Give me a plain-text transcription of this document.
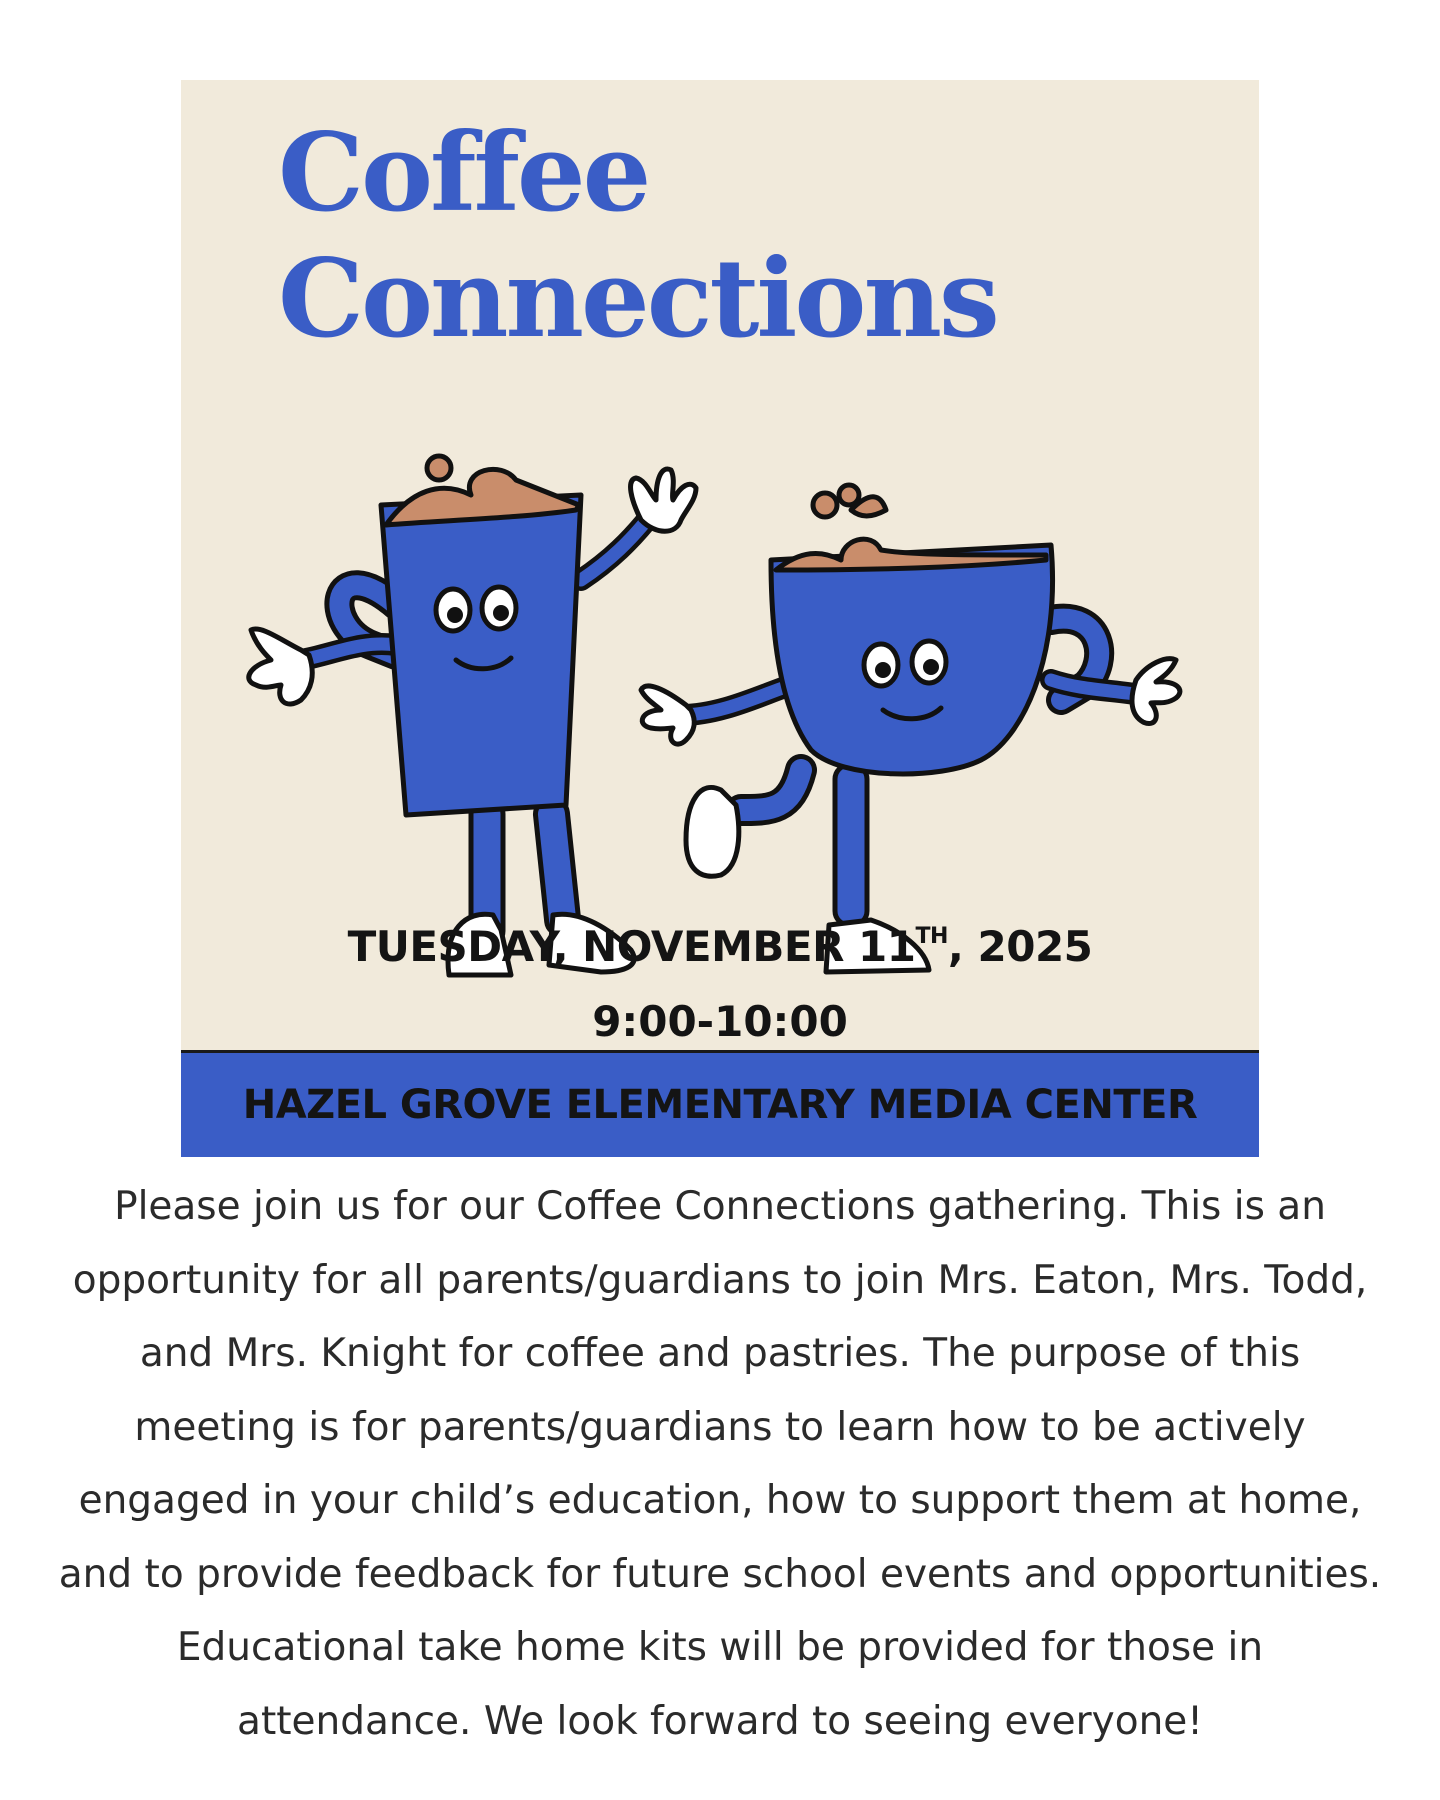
Coffee
Connections
TUESDAY, NOVEMBER 11TH, 2025
9:00-10:00
HAZEL GROVE ELEMENTARY MEDIA CENTER
Please join us for our Coffee Connections gathering. This is an
opportunity for all parents/guardians to join Mrs. Eaton, Mrs. Todd,
and Mrs. Knight for coffee and pastries. The purpose of this
meeting is for parents/guardians to learn how to be actively
engaged in your child’s education, how to support them at home,
and to provide feedback for future school events and opportunities.
Educational take home kits will be provided for those in
attendance. We look forward to seeing everyone!
